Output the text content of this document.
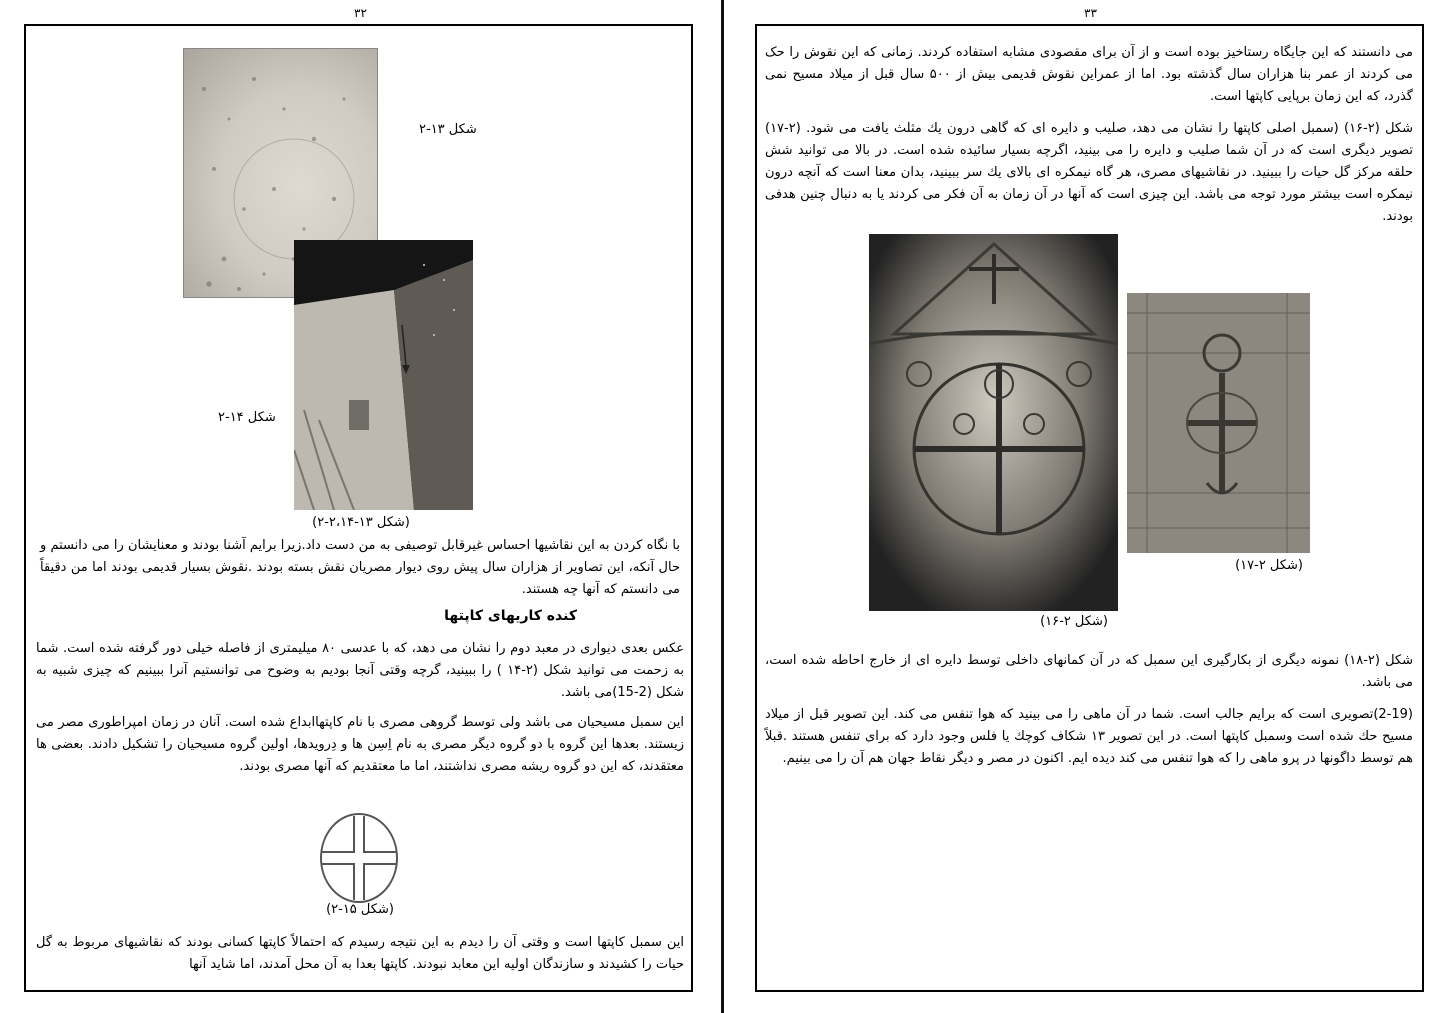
۳۲
شکل ۱۳-۲
شکل ۱۴-۲
(شکل ۱۳-۲،۱۴-۲)
با نگاه کردن به این نقاشیها احساس غیرقابل توصیفی به من دست داد.زیرا برایم آشنا بودند و معنایشان را می دانستم و حال آنکه، این تصاویر از هزاران سال پیش روی دیوار مصریان نقش بسته بودند .نقوش بسیار قدیمی بودند اما من دقیقاً می دانستم که آنها چه هستند.
کنده کاریهای کاپتها
عکس بعدی دیواری در معبد دوم را نشان می دهد، که با عدسی ۸۰ میلیمتری از فاصله خیلی دور گرفته شده است. شما به زحمت می توانید شکل (۲-۱۴ ) را ببینید، گرچه وقتی آنجا بودیم به وضوح می توانستیم آنرا ببینیم که چیزی شبیه به شکل (2-15)می باشد.
این سمبل مسیحیان می باشد ولی توسط گروهی مصری با نام کاپتهاابداع شده است. آنان در زمان امپراطوری مصر می زیستند. بعدها این گروه با دو گروه دیگر مصری به نام اِسِن ها و دِرویدها، اولین گروه مسیحیان را تشکیل دادند. بعضی ها معتقدند، که این دو گروه ریشه مصری نداشتند، اما ما معتقدیم که آنها مصری بودند.
(شکل ۱۵-۲)
این سمبل کاپتها است و وقتی آن را دیدم به این نتیجه رسیدم که احتمالاً کاپتها کسانی بودند که نقاشیهای مربوط به گل حیات را کشیدند و سازندگان اولیه این معابد نبودند. کاپتها بعدا به آن محل آمدند، اما شاید آنها
۳۳
می دانستند که این جایگاه رستاخیز بوده است و از آن برای مقصودی مشابه استفاده کردند. زمانی که این نقوش را حک می کردند از عمر بنا هزاران سال گذشته بود. اما از عمراین نقوش قدیمی بیش از ۵۰۰ سال قبل از میلاد مسیح نمی گذرد، که این زمان برپایی کاپتها است.
شکل (۲-۱۶) (سمبل اصلی کاپتها را نشان می دهد، صلیب و دایره ای که گاهی درون یك مثلث یافت می شود. (۲-۱۷) تصویر دیگری است که در آن شما صلیب و دایره را می بینید، اگرچه بسیار سائیده شده است. در بالا می توانید شش حلقه مرکز گل حیات را ببینید. در نقاشیهای مصری، هر گاه نیمکره ای بالای یك سر ببینید، بدان معنا است که آنچه درون نیمکره است بیشتر مورد توجه می باشد. این چیزی است که آنها در آن زمان به آن فکر می کردند یا به دنبال چنین هدفی بودند.
(شکل ۲-۱۶)
(شکل ۲-۱۷)
شکل (۲-۱۸) نمونه دیگری از بکارگیری این سمبل که در آن کمانهای داخلی توسط دایره ای از خارج احاطه شده است، می باشد.
(2-19)تصویری است که برایم جالب است. شما در آن ماهی را می بینید که هوا تنفس می کند. این تصویر قبل از میلاد مسیح حك شده است وسمبل کاپتها است. در این تصویر ۱۳ شکاف کوچك یا فلس وجود دارد که برای تنفس هستند .قبلاً هم توسط داگونها در پرو ماهی را که هوا تنفس می کند دیده ایم. اکنون در مصر و دیگر نقاط جهان هم آن را می بینیم.
